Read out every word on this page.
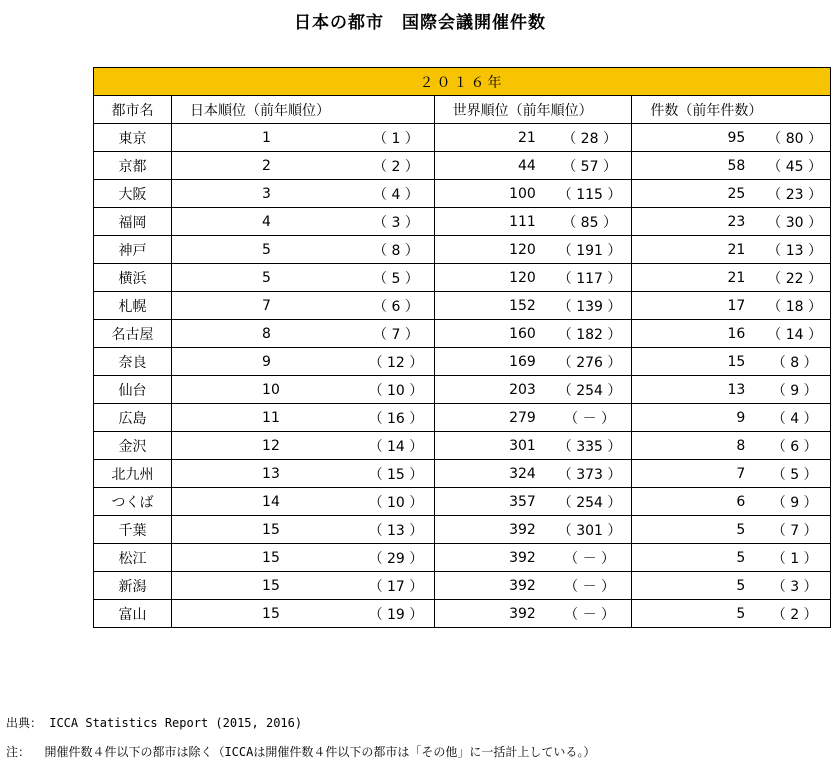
日本の都市　国際会議開催件数
２０１６年						
都市名	日本順位（前年順位）		世界順位（前年順位）		件数（前年件数）	
東京	1	（ 1 ）	21	（ 28 ）	95	（ 80 ）
京都	2	（ 2 ）	44	（ 57 ）	58	（ 45 ）
大阪	3	（ 4 ）	100	（ 115 ）	25	（ 23 ）
福岡	4	（ 3 ）	111	（ 85 ）	23	（ 30 ）
神戸	5	（ 8 ）	120	（ 191 ）	21	（ 13 ）
横浜	5	（ 5 ）	120	（ 117 ）	21	（ 22 ）
札幌	7	（ 6 ）	152	（ 139 ）	17	（ 18 ）
名古屋	8	（ 7 ）	160	（ 182 ）	16	（ 14 ）
奈良	9	（ 12 ）	169	（ 276 ）	15	（ 8 ）
仙台	10	（ 10 ）	203	（ 254 ）	13	（ 9 ）
広島	11	（ 16 ）	279	（ － ）	9	（ 4 ）
金沢	12	（ 14 ）	301	（ 335 ）	8	（ 6 ）
北九州	13	（ 15 ）	324	（ 373 ）	7	（ 5 ）
つくば	14	（ 10 ）	357	（ 254 ）	6	（ 9 ）
千葉	15	（ 13 ）	392	（ 301 ）	5	（ 7 ）
松江	15	（ 29 ）	392	（ － ）	5	（ 1 ）
新潟	15	（ 17 ）	392	（ － ）	5	（ 3 ）
富山	15	（ 19 ）	392	（ － ）	5	（ 2 ）
出典： ICCA Statistics Report (2015, 2016)
注：  開催件数４件以下の都市は除く（ICCAは開催件数４件以下の都市は「その他」に一括計上している。）
